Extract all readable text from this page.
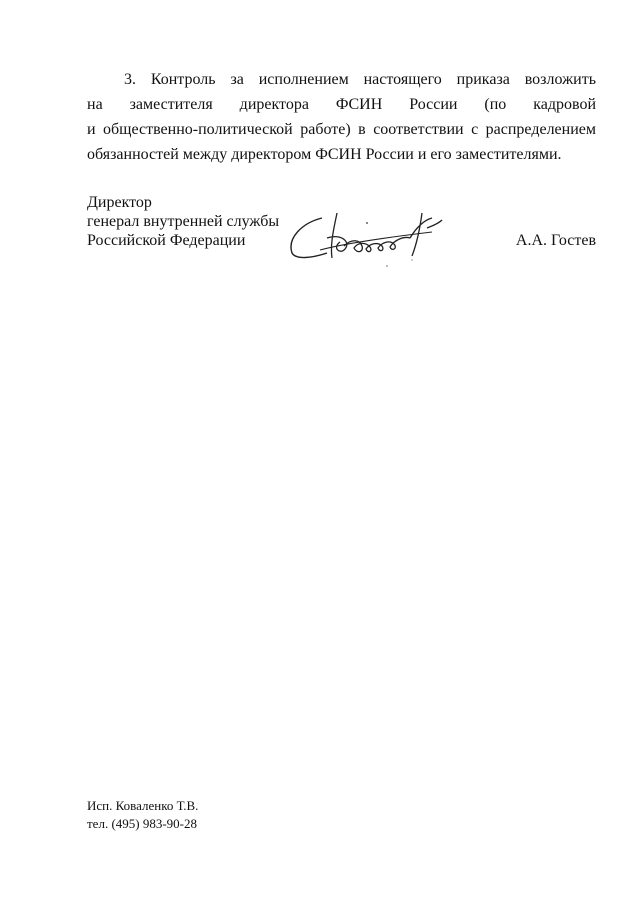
3. Контроль за исполнением настоящего приказа возложить
на заместителя директора ФСИН России (по кадровой
и общественно-политической работе) в соответствии с распределением
обязанностей между директором ФСИН России и его заместителями.
Директор
генерал внутренней службы
Российской Федерации	А.А. Гостев
Исп. Коваленко Т.В.
тел. (495) 983-90-28
